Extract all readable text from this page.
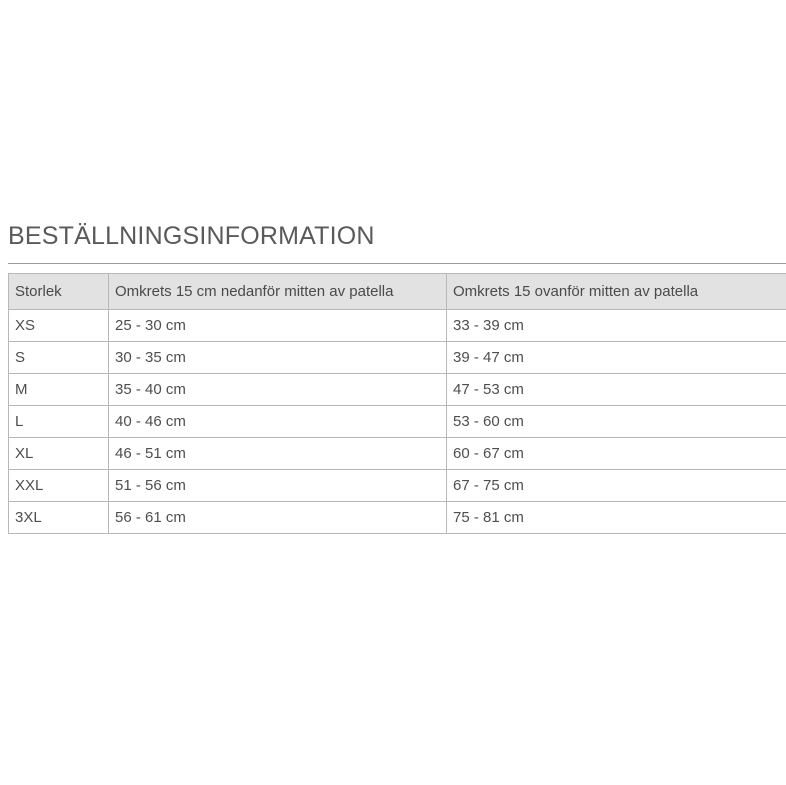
BESTÄLLNINGSINFORMATION
Storlek	Omkrets 15 cm nedanför mitten av patella	Omkrets 15 ovanför mitten av patella
XS	25 - 30 cm	33 - 39 cm
S	30 - 35 cm	39 - 47 cm
M	35 - 40 cm	47 - 53 cm
L	40 - 46 cm	53 - 60 cm
XL	46 - 51 cm	60 - 67 cm
XXL	51 - 56 cm	67 - 75 cm
3XL	56 - 61 cm	75 - 81 cm
